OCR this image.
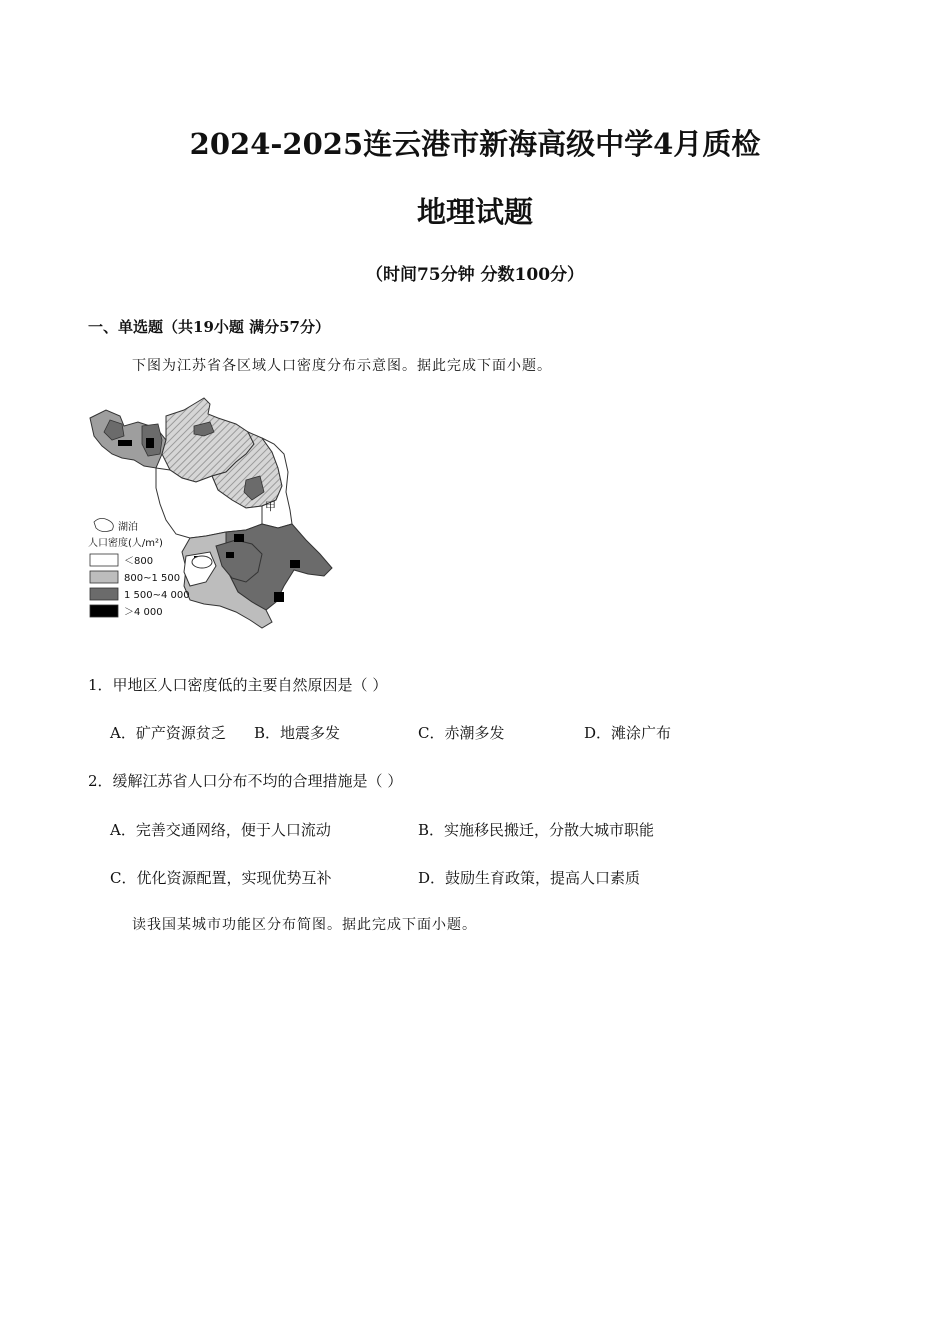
2024-2025连云港市新海高级中学4月质检
地理试题
（时间75分钟 分数100分）
一、单选题（共19小题 满分57分）
下图为江苏省各区域人口密度分布示意图。据此完成下面小题。
甲
湖泊
人口密度(人/m²)
＜800
800~1 500
1 500~4 000
＞4 000
1．甲地区人口密度低的主要自然原因是（ ）
A．矿产资源贫乏 B．地震多发	C．赤潮多发	D．滩涂广布
2．缓解江苏省人口分布不均的合理措施是（ ）
A．完善交通网络，便于人口流动	B．实施移民搬迁，分散大城市职能
C．优化资源配置，实现优势互补	D．鼓励生育政策，提高人口素质
读我国某城市功能区分布简图。据此完成下面小题。
